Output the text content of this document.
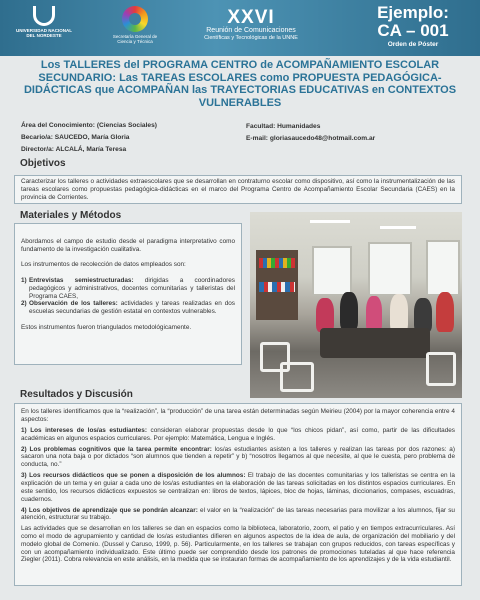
UNIVERSIDAD NACIONAL DEL NORDESTE	Secretaría General de Ciencia y Técnica
XXVI
Reunión de Comunicaciones
Científicas y Tecnológicas de la UNNE
Ejemplo:
CA – 001
Orden de Póster
Los TALLERES del PROGRAMA CENTRO de ACOMPAÑAMIENTO ESCOLAR SECUNDARIO: Las TAREAS ESCOLARES como PROPUESTA PEDAGÓGICA-DIDÁCTICAS que ACOMPAÑAN las TRAYECTORIAS EDUCATIVAS en CONTEXTOS VULNERABLES
Área del Conocimiento: (Ciencias Sociales)
Becario/a: SAUCEDO, María Gloria
Director/a: ALCALÁ, María Teresa
Facultad: Humanidades
E-mail: gloriasaucedo48@hotmail.com.ar
Objetivos

Caracterizar los talleres o actividades extraescolares que se desarrollan en contraturno escolar como dispositivo, así como la instrumentalización de las tareas escolares como propuestas pedagógica-didácticas en el marco del Programa Centro de Acompañamiento Escolar Secundaria (CAES) en la provincia de Corrientes.

Materiales y Métodos

Abordamos el campo de estudio desde el paradigma interpretativo como fundamento de la investigación cualitativa.

Los instrumentos de recolección de datos empleados son:

1) Entrevistas semiestructuradas: dirigidas a coordinadores pedagógicos y administrativos, docentes comunitarias y talleristas del Programa CAES,
2) Observación de los talleres: actividades y tareas realizadas en dos escuelas secundarias de gestión estatal en contextos vulnerables.

Estos instrumentos fueron triangulados metodológicamente.

Resultados y Discusión

En los talleres identificamos que la “realización”, la “producción” de una tarea están determinadas según Meirieu (2004) por la mayor coherencia entre 4 aspectos:

1) Los intereses de los/as estudiantes: consideran elaborar propuestas desde lo que “los chicos pidan”, así como, partir de las dificultades académicas en algunos espacios curriculares. Por ejemplo: Matemática, Lengua e Inglés.

2) Los problemas cognitivos que la tarea permite encontrar: los/as estudiantes asisten a los talleres y realizan las tareas por dos razones: a) sacaron una nota baja o por dictados “son alumnos que tienden a repetir” y b) “nosotros llegamos al que necesite, al que le cuesta, pero problema de conducta, no.”

3) Los recursos didácticos que se ponen a disposición de los alumnos: El trabajo de las docentes comunitarias y los talleristas se centra en la explicación de un tema y en guiar a cada uno de los/as estudiantes en la elaboración de las tareas solicitadas en los distintos espacios curriculares. En este sentido, los recursos didácticos expuestos se centralizan en: libros de textos, lápices, bloc de hojas, láminas, diccionarios, compases, escuadras, cuadernos.

4) Los objetivos de aprendizaje que se pondrán alcanzar: el valor en la “realización” de las tareas necesarias para movilizar a los alumnos, fijar su atención, estructurar su trabajo.

Las actividades que se desarrollan en los talleres se dan en espacios como la biblioteca, laboratorio, zoom, el patio y en tiempos extracurriculares. Así como el modo de agrupamiento y cantidad de los/as estudiantes difieren en algunos aspectos de la idea de aula, de organización del mobiliario y del modelo global de Comenio. (Dussel y Caruso, 1999, p. 56). Particularmente, en los talleres se trabajan con grupos reducidos, con tareas específicas y con un acompañamiento individualizado. Este último puede ser comprendido desde los patrones de promociones tuteladas al que hace referencia Ziegler (2011). Cobra relevancia en este análisis, en la medida que se instauran formas de acompañamiento de los aprendizajes y de la vida estudiantil.
